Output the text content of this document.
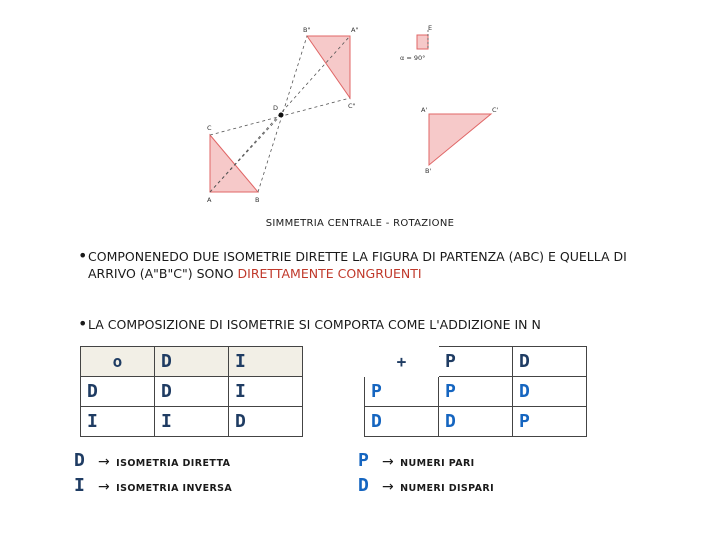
B"	A"
D	C"
C
A	B
E
α = 90°
A'	C'
B'
SIMMETRIA CENTRALE - ROTAZIONE
• COMPONENEDO DUE ISOMETRIE DIRETTE LA FIGURA DI PARTENZA (ABC) E QUELLA DI ARRIVO (A"B"C") SONO DIRETTAMENTE CONGRUENTI
• LA COMPOSIZIONE DI ISOMETRIE SI COMPORTA COME L'ADDIZIONE IN N
o	D	I
D	D	I
I	I	D
+	P	D
P	P	D
D	D	P
D → ISOMETRIA DIRETTA
I → ISOMETRIA INVERSA
P → NUMERI PARI
D → NUMERI DISPARI
